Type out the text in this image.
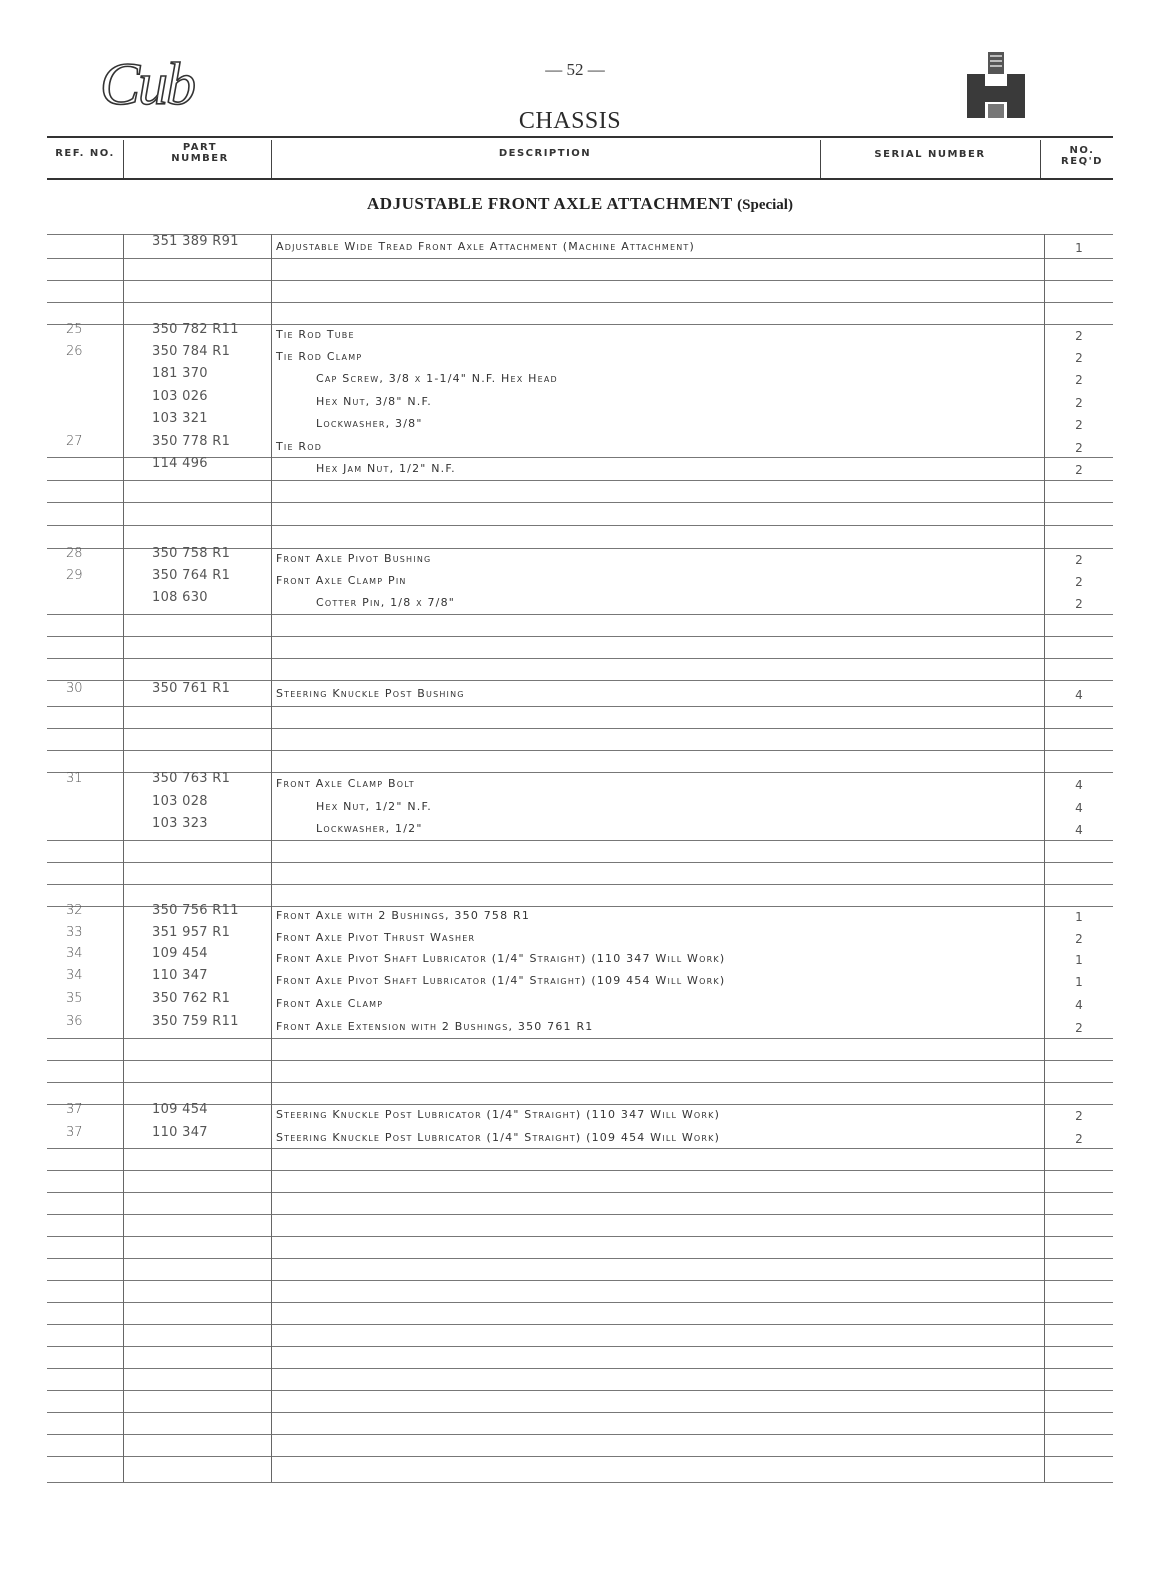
Cub	— 52 —
CHASSIS
REF. NO.
PART NUMBER	DESCRIPTION	SERIAL NUMBER	NO. REQ'D
ADJUSTABLE FRONT AXLE ATTACHMENT (Special)
351 389 R91	Adjustable Wide Tread Front Axle Attachment (Machine Attachment)	1
25	350 782 R11	Tie Rod Tube	2
26	350 784 R1	Tie Rod Clamp	2
181 370	Cap Screw, 3/8 x 1-1/4" N.F. Hex Head	2
103 026	Hex Nut, 3/8" N.F.	2
103 321	Lockwasher, 3/8"	2
27	350 778 R1	Tie Rod	2
114 496	Hex Jam Nut, 1/2" N.F.	2
28	350 758 R1	Front Axle Pivot Bushing	2
29	350 764 R1	Front Axle Clamp Pin	2
108 630	Cotter Pin, 1/8 x 7/8"	2
30	350 761 R1	Steering Knuckle Post Bushing	4
31	350 763 R1	Front Axle Clamp Bolt	4
103 028	Hex Nut, 1/2" N.F.	4
103 323	Lockwasher, 1/2"	4
32	350 756 R11	Front Axle with 2 Bushings, 350 758 R1	1
33	351 957 R1	Front Axle Pivot Thrust Washer	2
34	109 454	Front Axle Pivot Shaft Lubricator (1/4" Straight) (110 347 Will Work)	1
34	110 347	Front Axle Pivot Shaft Lubricator (1/4" Straight) (109 454 Will Work)	1
35	350 762 R1	Front Axle Clamp	4
36	350 759 R11	Front Axle Extension with 2 Bushings, 350 761 R1	2
37	109 454	Steering Knuckle Post Lubricator (1/4" Straight) (110 347 Will Work)	2
37	110 347	Steering Knuckle Post Lubricator (1/4" Straight) (109 454 Will Work)	2
